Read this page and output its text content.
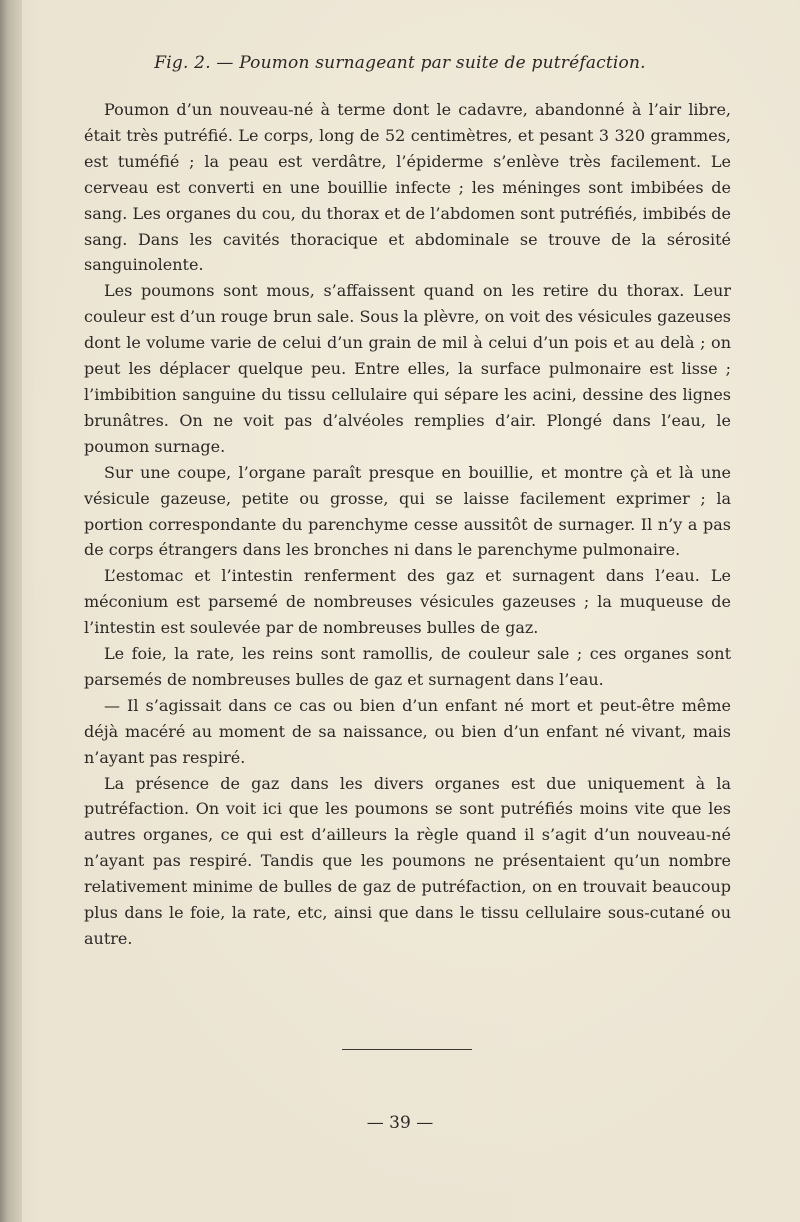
Fig. 2. — Poumon surnageant par suite de putréfaction.

Poumon d’un nouveau-né à terme dont le cadavre, abandonné à l’air libre, était très putréfié. Le corps, long de 52 centimètres, et pesant 3 320 grammes, est tuméfié ; la peau est verdâtre, l’épiderme s’enlève très facilement. Le cerveau est converti en une bouillie infecte ; les méninges sont imbibées de sang. Les organes du cou, du thorax et de l’abdomen sont putréfiés, imbibés de sang. Dans les cavités thoracique et abdominale se trouve de la sérosité sanguinolente.

Les poumons sont mous, s’affaissent quand on les retire du thorax. Leur couleur est d’un rouge brun sale. Sous la plèvre, on voit des vésicules gazeuses dont le volume varie de celui d’un grain de mil à celui d’un pois et au delà ; on peut les déplacer quelque peu. Entre elles, la surface pulmonaire est lisse ; l’imbibition sanguine du tissu cellulaire qui sépare les acini, dessine des lignes brunâtres. On ne voit pas d’alvéoles remplies d’air. Plongé dans l’eau, le poumon surnage.

Sur une coupe, l’organe paraît presque en bouillie, et montre çà et là une vésicule gazeuse, petite ou grosse, qui se laisse facilement exprimer ; la portion correspondante du parenchyme cesse aussitôt de surnager. Il n’y a pas de corps étrangers dans les bronches ni dans le parenchyme pulmonaire.

L’estomac et l’intestin renferment des gaz et surnagent dans l’eau. Le méconium est parsemé de nombreuses vésicules gazeuses ; la muqueuse de l’intestin est soulevée par de nombreuses bulles de gaz.

Le foie, la rate, les reins sont ramollis, de couleur sale ; ces organes sont parsemés de nombreuses bulles de gaz et surnagent dans l’eau.

— Il s’agissait dans ce cas ou bien d’un enfant né mort et peut-être même déjà macéré au moment de sa naissance, ou bien d’un enfant né vivant, mais n’ayant pas respiré.

La présence de gaz dans les divers organes est due uniquement à la putréfaction. On voit ici que les poumons se sont putréfiés moins vite que les autres organes, ce qui est d’ailleurs la règle quand il s’agit d’un nouveau-né n’ayant pas respiré. Tandis que les poumons ne présentaient qu’un nombre relativement minime de bulles de gaz de putréfaction, on en trouvait beaucoup plus dans le foie, la rate, etc, ainsi que dans le tissu cellulaire sous-cutané ou autre.

— 39 —
